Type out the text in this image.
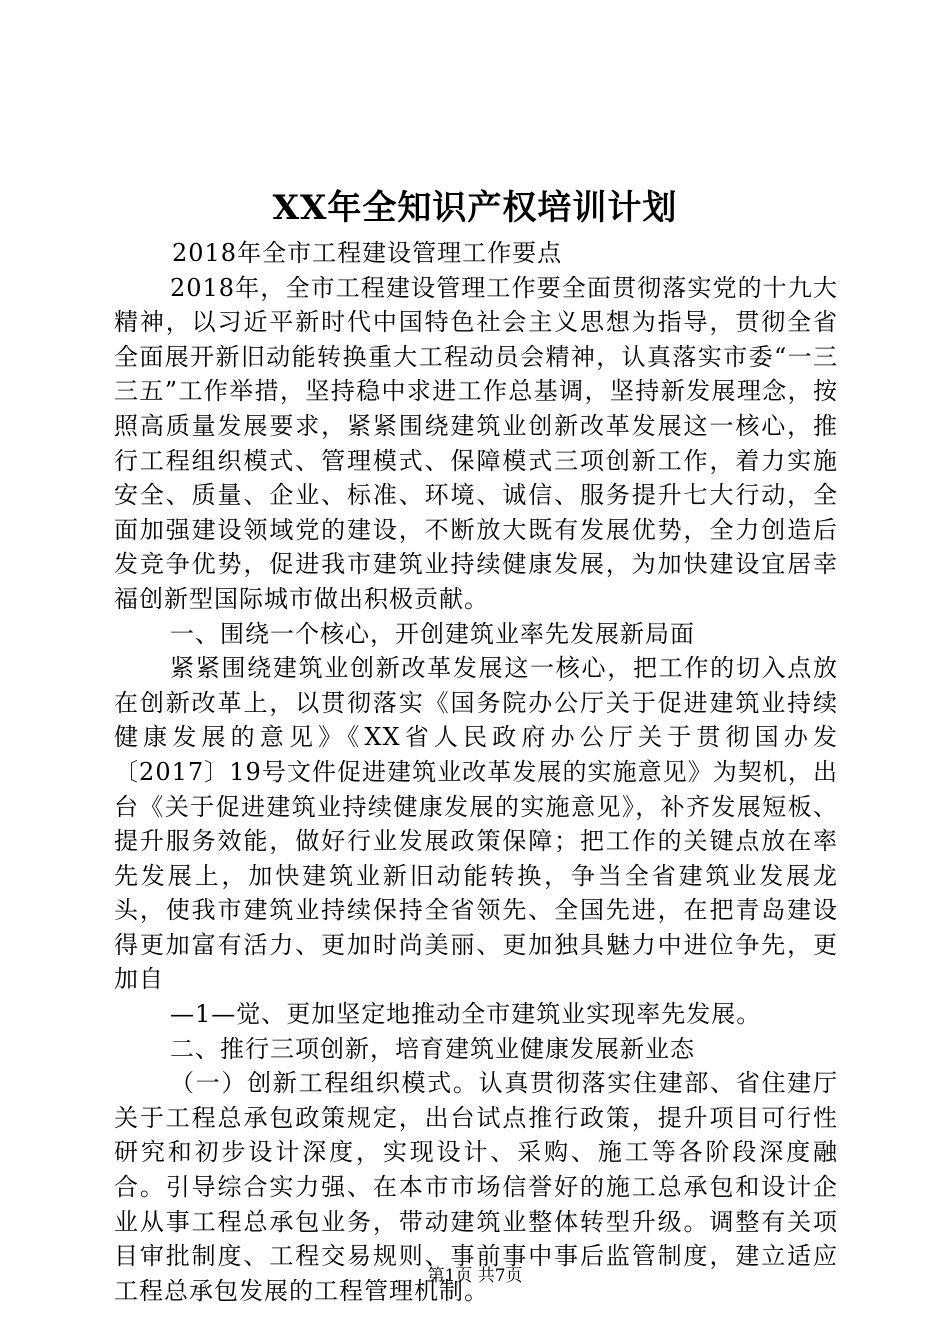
XX年全知识产权培训计划

2018年全市工程建设管理工作要点

2018年，全市工程建设管理工作要全面贯彻落实党的十九大精神，以习近平新时代中国特色社会主义思想为指导，贯彻全省全面展开新旧动能转换重大工程动员会精神，认真落实市委“一三三五”工作举措，坚持稳中求进工作总基调，坚持新发展理念，按照高质量发展要求，紧紧围绕建筑业创新改革发展这一核心，推行工程组织模式、管理模式、保障模式三项创新工作，着力实施安全、质量、企业、标准、环境、诚信、服务提升七大行动，全面加强建设领域党的建设，不断放大既有发展优势，全力创造后发竞争优势，促进我市建筑业持续健康发展，为加快建设宜居幸福创新型国际城市做出积极贡献。

一、围绕一个核心，开创建筑业率先发展新局面

紧紧围绕建筑业创新改革发展这一核心，把工作的切入点放在创新改革上，以贯彻落实《国务院办公厅关于促进建筑业持续健康发展的意见》《XX省人民政府办公厅关于贯彻国办发〔2017〕19号文件促进建筑业改革发展的实施意见》为契机，出台《关于促进建筑业持续健康发展的实施意见》，补齐发展短板、提升服务效能，做好行业发展政策保障；把工作的关键点放在率先发展上，加快建筑业新旧动能转换，争当全省建筑业发展龙头，使我市建筑业持续保持全省领先、全国先进，在把青岛建设得更加富有活力、更加时尚美丽、更加独具魅力中进位争先，更加自

—1—觉、更加坚定地推动全市建筑业实现率先发展。

二、推行三项创新，培育建筑业健康发展新业态

（一）创新工程组织模式。认真贯彻落实住建部、省住建厅关于工程总承包政策规定，出台试点推行政策，提升项目可行性研究和初步设计深度，实现设计、采购、施工等各阶段深度融合。引导综合实力强、在本市市场信誉好的施工总承包和设计企业从事工程总承包业务，带动建筑业整体转型升级。调整有关项目审批制度、工程交易规则、事前事中事后监管制度，建立适应工程总承包发展的工程管理机制。

第1页 共7页
